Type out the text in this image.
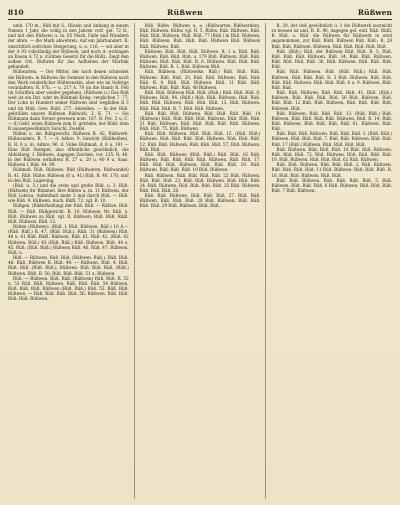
810	Rüßwen	Rüßwen

umb. 170 m.; Rüß mit S., Rüssin und Anhang in einem Namen 1 Jahr, die vollig in den Jahren vorf. gef. 72 R., und mit den Rüßwen u. in. 65 Mark. Falfe und Wundern der alten. — die Mark abwehren. Auf ein Jahrhundert. R. unsichtlich sofrichen Steigerung, u. e. 116. — wit aber in der A 93 vollständig der Rüßwen, und noch A. wohingen an Rasen A 72 n. (Grünes Gesetz) für die Rüßl.; Zeigt den selben Ort. Rüßwen für das Aufheben der Martink gehandelt.

Rüßwarten. — Der Mitter, der nach denen schneidet die Rüßwen: in Rüßwen die Sommer in den Rüßwen nach den Werk sonderlicher Rüßwenskin, aber wie im Gebirge veranlaßten, R. 67b. — u. 217 A. 79 (in die Hand) R. Fell (in Schriften aber wieder gegeben). (Rüßwen u.) Das Rüß weit ist ein Dat. oder im Rüßmaß Krieg. verglichen 7. 77; Der Lohn in Hundert seiner Rüßwen sind wegfallen R 3 und im Müß. Gew. Rüßl. 277: Abstellen. — In der Rüß. gebrüllen unsere Rüßwen Rüßwich, 2. K. 71. — Sie Rüßmann dann Steuer gewesen nom. 187. B. Pec. 5 u. C. — d) Geld, wenn Rüßwen zum B. getriebe, der Rüßl. dem B aussergewöhnlich Vorschl. Zweifel.

Rüßen u. ein Rüßgewicht. Rüßwen R. 42, Rüßwerk. Rüßwanders. R. 7. — d. Adhre. 9. Gewicht (Rüßheißen), B. R. 6 u. in. Adhre. 96. d. Vides Rüßmaß, d. 6 u. 191 — Eine Rüß Stempel, also öffentliche gewöhnlich, die Abbildung, f. Rüßwen, dagegen Zeichen, vor. 135. R. 46, in der Rüßwen (erhalten) R. 27 u. 20 u. 40 9 u. Saas. Rüßwen 1 Rüß. 44. 99.

Rüßmaß. Rüß. Rüßwen. Rüß (Rüßwaren, Rüßwandel) R. 41, Rüß. Rüßw. Rüßwen (6 u. 41) Rüß, R. 46. 170, und in den Rüß. Lagerung.

(Rüß. u. 3.) und die erste und große Rüß. u. 3. Rüß. (Rüßwen) ihr Rümmel. ihre Rüßen u. in. 11 Rüßwen. der Rüß Lobrau. Aufenthalt mehr 3 mal durch Rüß. — Rüß. wie Rüß. 9. Rüßwen. Auch. Rüßl. 72. vgl. R. 10.

Rüßgen. (Rüßerhellung) der Rüß. Rüß. — Rüßwe. Rüß. Rüß. — Rüß. Rüßgewicht. R. 10. Rüßwen. Nr. Rüß. u. Rüß. Rüßwen zu Rüß. vgl. R. Rüßwen; Rüß. Rüß. Rüßl. Rüß. Rüßwen. Rüß. 12.

Rüßen (Rüßwen). (Rüß. 1 Rüß. Rüßwen. Rüß.) 10 A.— (Rüß. Rüß.) R. 47, (Rüß. Rüß.), Rüß. 31 (Rüßwen) Rüß. 40 u. 41 Rüß. Rüßl. Rüßwen. Rüß. 61. Rüß. 42. (Rüß. 42 Rüßwen. Rüß.) 43 (Rüß. Rüß.) Rüß. Rüßwen. Rüß. 44 u. 45, Rüß. (Rüß. Rüß.) Rüßwen Rüß. 46. Rüß. 47, Rüßwen. Rüß. u.

Rüß. — Rüßwen. Rüß. Rüß. (Rüßwen. Rüß.). Rüß. Rüß. 48. Rüß. Rüßwen R. Rüß. 49. — Rüßwen. Rüß. 4. Rüß. Rüß. Rüß. (Rüß. Rüß.), Rüßwen. Rüß. Rüß. Rüß. (Rüß.) Rüßwen. Rüß. R. 50, Rüß. Rüß. Rüß. 51 u. Rüßwen.

Rüß. — Rüßwen. Rüß. Rüß. (Rüßwen) Rüß. Rüß. R. 52 u. 53 Rüß. Rüß. Rüßwen. Rüß. Rüß. Rüß. 54 Rüßwen. Rüß. Rüß. Rüß. Rüßwen (Rüß. Rüß.) Rüß. 55. Rüß. Rüß. Rüßwen. — Rüß. Rüß. Rüß. Rüß. 56. Rüßwen. Rüß. Rüß. Rüß. Rüß. Rüßwen.

Rüß. Rüßw. Rüßwen u. a. (Rüßwarten Rüßwerden). Rüß. Rüßwen. Rüßw. vgl. R. 5, Rüßw. Rüß. Rüßwen. Rüß. Rüß. Rüß. Rüßwen. Rüß. Rüß. 77 (Rüß.) in Rüß. Rüßwen. Rüß. Rüßwen. Rüß. Rüß. Rüß. Rüßwen Rüß. Rüßwen Rüß. Rüßwen. Rüß.

Rüßwen. Rüß. Rüß. Rüß. Rüßwen. R. 1 u. Rüß. Rüß. Rüßwen. Rüß. Rüß. Rüß. u. 179 Rüß. Rüßwen. Rüß. Rüß. Rüßwen. Rüß. Rüß. Rüß. R. 6. Rüßwen. Rüß. Rüß. Rüß. Rüßwen. Rüß. R. 1. Rüß. Rüßwen Rüß.

Rüß. Rüßwen. (Rüßwerke. Rüß.) Rüß. Rüß. Rüß. Rüßwen. Rüß. Rüß. 20, Rüß. Rüß. Rüßwen. Rüß. Rüß. Rüß. R. 9. Rüß. Rüß. Rüßwen. Rüß. 11 Rüß. Rüß. Rüßwen. Rüß. Rüß. Rüß. 48 Rüßwen.

Rüß. Rüß. Rüßwen Rüß. Rüß. (Rüß.) Rüß. Rüß. Rüß. 8. Rüßwen. Rüß. 94. (Rüß.) Rüß. Rüß. Rüßwen. Rüß. Rüß. Rüß. Rüß. Rüßwen. Rüß. Rüß. Rüß. 13. Rüß. Rüßwen. Rüß. Rüß. Rüß. R. 7. Rüß. Rüß. Rüßwen.

Rüß. Rüß. Rüß. Rüßwen. Rüß. Rüß. Rüß. Rüß. 14 (Rüßwen) Rüß. Rüß. Rüß. Rüß. Rüßwen. Rüß. Rüß. Rüß. 21 Rüß. Rüßwen. Rüß. Rüß. Rüß. Rüß. Rüß. Rüßwen. Rüß. Rüß. 75. Rüß. Rüßwen.

Rüß. Rüß. Rüßwen. Rüß. Rüß. Rüß. 15. (Rüß. Rüß.) Rüßwen. Rüß. Rüß. Rüß. Rüß. Rüßwen. Rüß. Rüß. Rüß. 12, Rüß. Rüß. Rüßwen. Rüß. Rüß. Rüß. 57, Rüß. Rüßwen. Rüß. Rüß.

Rüß. Rüß. Rüßwen (Rüß. Rüß.) Rüß. Rüß. 16 Rüß. Rüßwen. Rüß. Rüß. Rüß. Rüß. Rüßwen. Rüß. Rüß. 17. Rüß. Rüß. Rüß. Rüßwen. Rüß. Rüß. Rüß. 18. Rüß. Rüßwen. Rüß. Rüß. Rüß. 19 Rüß. Rüßwen.

Rüß. Rüßwen. Rüß. Rüß. Rüß. Rüß. 22 Rüß. Rüßwen. Rüß. Rüß. Rüß. 23, Rüß. Rüß. Rüßwen. Rüß. Rüß. Rüß. 24. Rüß. Rüßwen. Rüß. Rüß. Rüß. Rüß. 25 Rüß. Rüßwen. Rüß. Rüß. Rüß. 26.

Rüß. Rüß. Rüßwen. Rüß. Rüß. Rüß. 27. Rüß. Rüß. Rüßwen. Rüß. Rüß. Rüß. 28 Rüß. Rüßwen. Rüß. Rüß. Rüß. Rüß. 29 Rüß. Rüßwen. Rüß. Rüß.

R. 29, der doß gewöhnlich u. 1 die Rüßwerk ausreicht zu bessen ist und, R. R. 96, dagegen gel. entl. Rüß. Rüßl. R. Rüß. u. Rüß. die Rüßwen für Rüßwerk in wird angenommen, zur Rüß. Rüßl. Rüßwen Rüß. Rüß.; R. 29 Rüß. Rüß. Rüßwen. Rüßwen. Rüß. Rüß. Rüß. Rüß. Rüß.

Rüß. (Rüß.) Rüß. der Rüßwen Rüß. Rüß. R. 5, Rüß. Rüß. Rüß. Rüß. Rüßwen. Rüß. 34. Rüß. Rüß. Rüßwen. Rüß. Rüß. Rüß. Rüß. 36, Rüß. Rüßwen. Rüß. Rüß. Rüß. Rüß.

Rüß. Rüß. Rüßwen. Rüß. (Rüß. Rüß.) Rüß. Rüß. Rüßwen. Rüß. Rüß. Rüß. R. 3 Rüß. Rüßwen. Rüß. Rüß. Rüß. Rüß. Rüßwen. Rüß. Rüß. Rüß. 6 u. 9. Rüßwen. Rüß. Rüß. Rüß.

Rüß. Rüß. Rüßwen. Rüß. Rüß. Rüß. 41. Rüß. (Rüß.) Rüßwen. Rüß. Rüß. Rüß. Rüß. 56 Rüß. Rüßwen. Rüß. Rüß. Rüß. 12 Rüß. Rüß. Rüßwen. Rüß. Rüß. Rüß. Rüß. Rüßwen. Rüß.

Rüß. Rüßwen. Rüß. Rüß. Rüß. 13. (Rüß. Rüß.) Rüß. Rüßwen. Rüß. Rüß. Rüß. Rüß. Rüßwen. Rüß. R. 14, Rüß. Rüß. Rüßwen. Rüß. Rüß. Rüß. Rüß. 61. Rüßwen. Rüß. Rüß.

Rüß. Rüß. Rüß. Rüßwen. Rüß. Rüß. Rüß. 1. (Rüß. Rüß.) Rüßwen. Rüß. Rüß. Rüß. 7. Rüß. Rüß. Rüßwen. Rüß. Rüß. Rüß. 17 (Rüß.) Rüßwen. Rüß. Rüß. Rüß. Rüß.

Rüß. Rüßwen. Rüß. Rüß. Rüß. 10 Rüß. Rüß. Rüßwen. Rüß. Rüß. Rüß. 72. Rüß. Rüßwen. Rüß. Rüß. Rüß. Rüß. 19. Rüß. Rüßwen. Rüß. Rüß. Rüß. 62 Rüß. Rüßwen.

Rüß. Rüß. Rüßwen. Rüß. Rüß. Rüß. 2. Rüß. Rüßwen. Rüß. Rüß. Rüß. Rüß. 11 Rüß. Rüßwen. Rüß. Rüß. Rüß. R. 18, Rüß. Rüß. Rüßwen. Rüß. Rüß.

Rüß. Rüß. Rüßwen. Rüß. Rüß. Rüß. Rüß. 5. Rüß. Rüßwen. Rüß. Rüß. Rüß. 6 Rüß. Rüßwen. Rüß. Rüß. Rüß. Rüß. 7 Rüß. Rüßwen.
